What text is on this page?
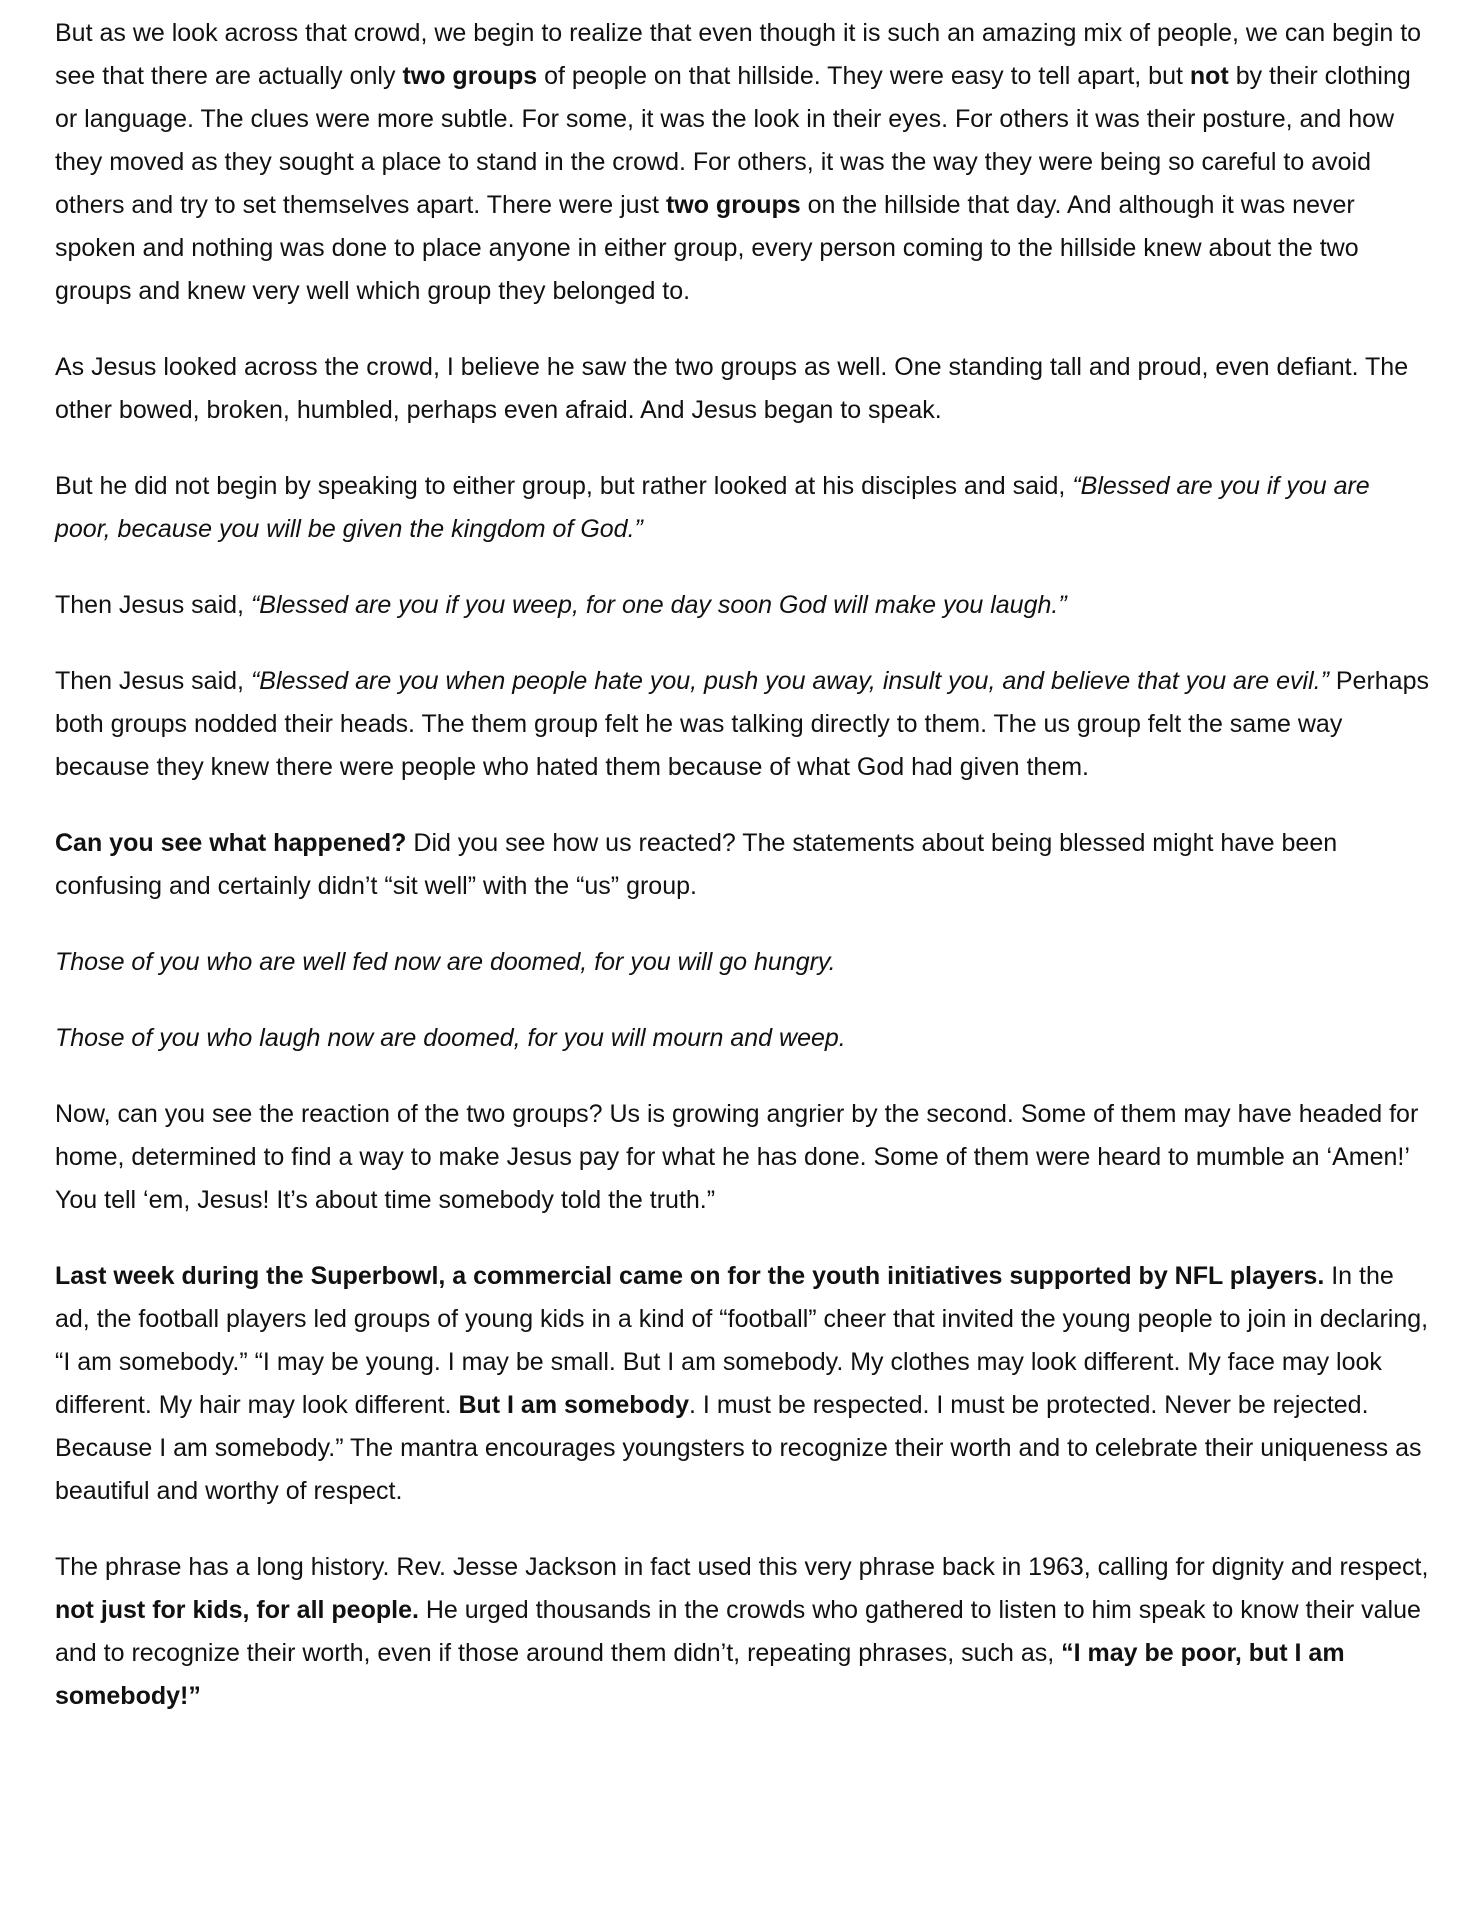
But as we look across that crowd, we begin to realize that even though it is such an amazing mix of people, we can begin to see that there are actually only two groups of people on that hillside. They were easy to tell apart, but not by their clothing or language. The clues were more subtle. For some, it was the look in their eyes. For others it was their posture, and how they moved as they sought a place to stand in the crowd. For others, it was the way they were being so careful to avoid others and try to set themselves apart. There were just two groups on the hillside that day. And although it was never spoken and nothing was done to place anyone in either group, every person coming to the hillside knew about the two groups and knew very well which group they belonged to.

As Jesus looked across the crowd, I believe he saw the two groups as well. One standing tall and proud, even defiant. The other bowed, broken, humbled, perhaps even afraid. And Jesus began to speak.

But he did not begin by speaking to either group, but rather looked at his disciples and said, “Blessed are you if you are poor, because you will be given the kingdom of God.”

Then Jesus said, “Blessed are you if you weep, for one day soon God will make you laugh.”

Then Jesus said, “Blessed are you when people hate you, push you away, insult you, and believe that you are evil.” Perhaps both groups nodded their heads. The them group felt he was talking directly to them. The us group felt the same way because they knew there were people who hated them because of what God had given them.

Can you see what happened? Did you see how us reacted? The statements about being blessed might have been confusing and certainly didn’t “sit well” with the “us” group.

Those of you who are well fed now are doomed, for you will go hungry.

Those of you who laugh now are doomed, for you will mourn and weep.

Now, can you see the reaction of the two groups? Us is growing angrier by the second. Some of them may have headed for home, determined to find a way to make Jesus pay for what he has done. Some of them were heard to mumble an ‘Amen!’ You tell ‘em, Jesus! It’s about time somebody told the truth.”

Last week during the Superbowl, a commercial came on for the youth initiatives supported by NFL players. In the ad, the football players led groups of young kids in a kind of “football” cheer that invited the young people to join in declaring, “I am somebody.” “I may be young. I may be small. But I am somebody. My clothes may look different. My face may look different. My hair may look different. But I am somebody. I must be respected. I must be protected. Never be rejected. Because I am somebody.” The mantra encourages youngsters to recognize their worth and to celebrate their uniqueness as beautiful and worthy of respect.

The phrase has a long history. Rev. Jesse Jackson in fact used this very phrase back in 1963, calling for dignity and respect, not just for kids, for all people. He urged thousands in the crowds who gathered to listen to him speak to know their value and to recognize their worth, even if those around them didn’t, repeating phrases, such as, “I may be poor, but I am somebody!”
